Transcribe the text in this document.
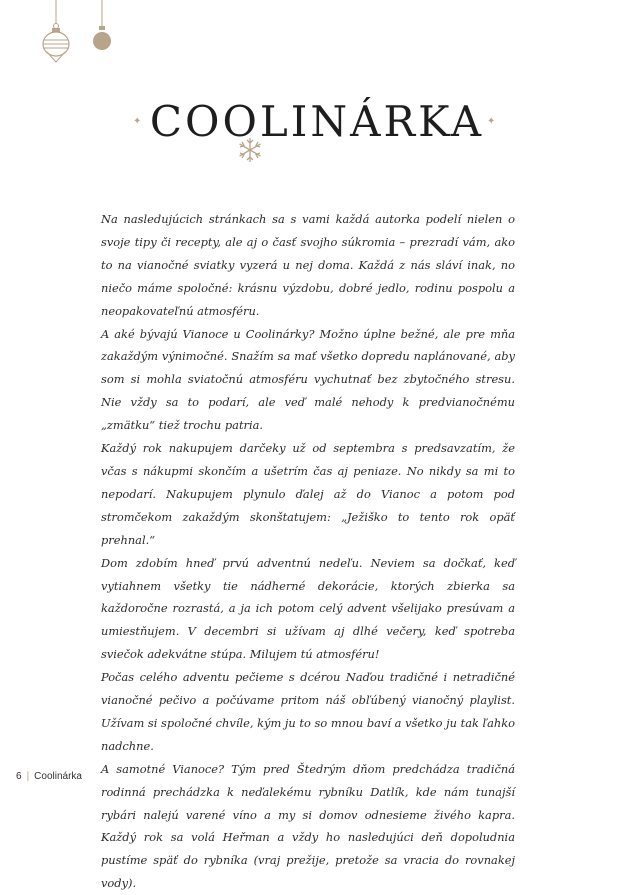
✦ COOLINÁRKA ✦

Na nasledujúcich stránkach sa s vami každá autorka podelí nielen o svoje tipy či recepty, ale aj o časť svojho súkromia – prezradí vám, ako to na vianočné sviatky vyzerá u nej doma. Každá z nás sláví inak, no niečo máme spoločné: krásnu výzdobu, dobré jedlo, rodinu pospolu a neopakovateľnú atmosféru.

A aké bývajú Vianoce u Coolinárky? Možno úplne bežné, ale pre mňa zakaždým výnimočné. Snažím sa mať všetko dopredu naplánované, aby som si mohla sviatočnú atmosféru vychutnať bez zbytočného stresu. Nie vždy sa to podarí, ale veď malé nehody k predvianočnému „zmätku“ tiež trochu patria.

Každý rok nakupujem darčeky už od septembra s predsavzatím, že včas s nákupmi skončím a ušetrím čas aj peniaze. No nikdy sa mi to nepodarí. Nakupujem plynulo ďalej až do Vianoc a potom pod stromčekom zakaždým skonštatujem: „Ježiško to tento rok opäť prehnal.“

Dom zdobím hneď prvú adventnú nedeľu. Neviem sa dočkať, keď vytiahnem všetky tie nádherné dekorácie, ktorých zbierka sa každoročne rozrastá, a ja ich potom celý advent všelijako presúvam a umiestňujem. V decembri si užívam aj dlhé večery, keď spotreba sviečok adekvátne stúpa. Milujem tú atmosféru!

Počas celého adventu pečieme s dcérou Naďou tradičné i netradičné vianočné pečivo a počúvame pritom náš obľúbený vianočný playlist. Užívam si spoločné chvíle, kým ju to so mnou baví a všetko ju tak ľahko nadchne.

A samotné Vianoce? Tým pred Štedrým dňom predchádza tradičná rodinná prechádzka k neďalekému rybníku Datlík, kde nám tunajší rybári nalejú varené víno a my si domov odnesieme živého kapra. Každý rok sa volá Heřman a vždy ho nasledujúci deň dopoludnia pustíme späť do rybníka (vraj prežije, pretože sa vracia do rovnakej vody).

6 | Coolinárka
